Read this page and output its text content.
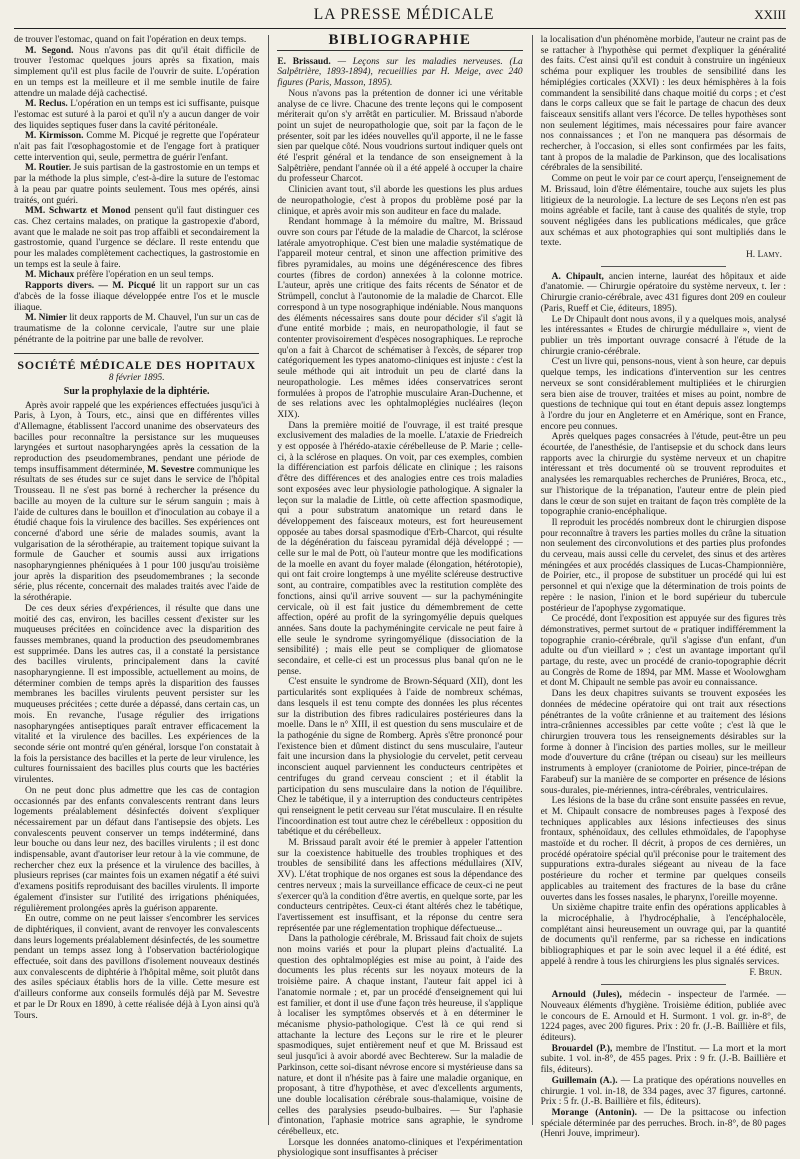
LA PRESSE MÉDICALE	XXIII

de trouver l'estomac, quand on fait l'opération en deux temps.

M. Segond. Nous n'avons pas dit qu'il était difficile de trouver l'estomac quelques jours après sa fixation, mais simplement qu'il est plus facile de l'ouvrir de suite. L'opération en un temps est la meilleure et il me semble inutile de faire attendre un malade déjà cachectisé.

M. Reclus. L'opération en un temps est ici suffisante, puisque l'estomac est suturé à la paroi et qu'il n'y a aucun danger de voir des liquides septiques fuser dans la cavité péritonéale.

M. Kirmisson. Comme M. Picqué je regrette que l'opérateur n'ait pas fait l'œsophagostomie et de l'engage fort à pratiquer cette intervention qui, seule, permettra de guérir l'enfant.

M. Routier. Je suis partisan de la gastrostomie en un temps et par la méthode la plus simple, c'est-à-dire la suture de l'estomac à la peau par quatre points seulement. Tous mes opérés, ainsi traités, ont guéri.

MM. Schwartz et Monod pensent qu'il faut distinguer ces cas. Chez certains malades, on pratique la gastropexie d'abord, avant que le malade ne soit pas trop affaibli et secondairement la gastrostomie, quand l'urgence se déclare. Il reste entendu que pour les malades complètement cachectiques, la gastrostomie en un temps est la seule à faire.

M. Michaux préfère l'opération en un seul temps.

Rapports divers. — M. Picqué lit un rapport sur un cas d'abcès de la fosse iliaque développée entre l'os et le muscle iliaque.

M. Nimier lit deux rapports de M. Chauvel, l'un sur un cas de traumatisme de la colonne cervicale, l'autre sur une plaie pénétrante de la poitrine par une balle de revolver.

SOCIÉTÉ MÉDICALE DES HOPITAUX
8 février 1895.
Sur la prophylaxie de la diphtérie.

Après avoir rappelé que les expériences effectuées jusqu'ici à Paris, à Lyon, à Tours, etc., ainsi que en différentes villes d'Allemagne, établissent l'accord unanime des observateurs des bacilles pour reconnaître la persistance sur les muqueuses laryngées et surtout nasopharyngées après la cessation de la reproduction des pseudomembranes, pendant une période de temps insuffisamment déterminée, M. Sevestre communique les résultats de ses études sur ce sujet dans le service de l'hôpital Trousseau. Il ne s'est pas borné à rechercher la présence du bacille au moyen de la culture sur le sérum sanguin ; mais à l'aide de cultures dans le bouillon et d'inoculation au cobaye il a étudié chaque fois la virulence des bacilles. Ses expériences ont concerné d'abord une série de malades soumis, avant la vulgarisation de la sérothérapie, au traitement topique suivant la formule de Gaucher et soumis aussi aux irrigations nasopharyngiennes phéniquées à 1 pour 100 jusqu'au troisième jour après la disparition des pseudomembranes ; la seconde série, plus récente, concernait des malades traités avec l'aide de la sérothérapie.

De ces deux séries d'expériences, il résulte que dans une moitié des cas, environ, les bacilles cessent d'exister sur les muqueuses précitées en coïncidence avec la disparition des fausses membranes, quand la production des pseudomembranes est supprimée. Dans les autres cas, il a constaté la persistance des bacilles virulents, principalement dans la cavité nasopharyngienne. Il est impossible, actuellement au moins, de déterminer combien de temps après la disparition des fausses membranes les bacilles virulents peuvent persister sur les muqueuses précitées ; cette durée a dépassé, dans certain cas, un mois. En revanche, l'usage régulier des irrigations nasopharyngées antiseptiques paraît entraver efficacement la vitalité et la virulence des bacilles. Les expériences de la seconde série ont montré qu'en général, lorsque l'on constatait à la fois la persistance des bacilles et la perte de leur virulence, les cultures fournissaient des bacilles plus courts que les bactéries virulentes.

On ne peut donc plus admettre que les cas de contagion occasionnés par des enfants convalescents rentrant dans leurs logements préalablement désinfectés doivent s'expliquer nécessairement par un défaut dans l'antisepsie des objets. Les convalescents peuvent conserver un temps indéterminé, dans leur bouche ou dans leur nez, des bacilles virulents ; il est donc indispensable, avant d'autoriser leur retour à la vie commune, de rechercher chez eux la présence et la virulence des bacilles, à plusieurs reprises (car maintes fois un examen négatif a été suivi d'examens positifs reproduisant des bacilles virulents. Il importe également d'insister sur l'utilité des irrigations phéniquées, régulièrement prolongées après la guérison apparente.

En outre, comme on ne peut laisser s'encombrer les services de diphtériques, il convient, avant de renvoyer les convalescents dans leurs logements préalablement désinfectés, de les soumettre pendant un temps assez long à l'observation bactériologique effectuée, soit dans des pavillons d'isolement nouveaux destinés aux convalescents de diphtérie à l'hôpital même, soit plutôt dans des asiles spéciaux établis hors de la ville. Cette mesure est d'ailleurs conforme aux conseils formulés déjà par M. Sevestre et par le Dr Roux en 1890, à cette réalisée déjà à Lyon ainsi qu'à Tours.

BIBLIOGRAPHIE

E. Brissaud. — Leçons sur les maladies nerveuses. (La Salpêtrière, 1893-1894), recueillies par H. Meige, avec 240 figures (Paris, Masson, 1895).

Nous n'avons pas la prétention de donner ici une véritable analyse de ce livre. Chacune des trente leçons qui le composent mériterait qu'on s'y arrêtât en particulier. M. Brissaud n'aborde point un sujet de neuropathologie que, soit par la façon de le présenter, soit par les idées nouvelles qu'il apporte, il ne le fasse sien par quelque côté. Nous voudrions surtout indiquer quels ont été l'esprit général et la tendance de son enseignement à la Salpêtrière, pendant l'année où il a été appelé à occuper la chaire du professeur Charcot.

Clinicien avant tout, s'il aborde les questions les plus ardues de neuropathologie, c'est à propos du problème posé par la clinique, et après avoir mis son auditeur en face du malade.

Rendant hommage à la mémoire du maître, M. Brissaud ouvre son cours par l'étude de la maladie de Charcot, la sclérose latérale amyotrophique. C'est bien une maladie systématique de l'appareil moteur central, et sinon une affection primitive des fibres pyramidales, au moins une dégénérescence des fibres courtes (fibres de cordon) annexées à la colonne motrice. L'auteur, après une critique des faits récents de Sénator et de Strümpell, conclut à l'autonomie de la maladie de Charcot. Elle correspond à un type nosographique indéniable. Nous manquons des éléments nécessaires sans doute pour décider s'il s'agit là d'une entité morbide ; mais, en neuropathologie, il faut se contenter provisoirement d'espèces nosographiques. Le reproche qu'on a fait à Charcot de schématiser à l'excès, de séparer trop catégoriquement les types anatomo-cliniques est injuste : c'est la seule méthode qui ait introduit un peu de clarté dans la neuropathologie. Les mêmes idées conservatrices seront formulées à propos de l'atrophie musculaire Aran-Duchenne, et de ses relations avec les ophtalmoplégies nucléaires (leçon XIX).

Dans la première moitié de l'ouvrage, il est traité presque exclusivement des maladies de la moelle. L'ataxie de Friedreich y est opposée à l'hérédo-ataxie cérébelleuse de P. Marie ; celle-ci, à la sclérose en plaques. On voit, par ces exemples, combien la différenciation est parfois délicate en clinique ; les raisons d'être des différences et des analogies entre ces trois maladies sont exposées avec leur physiologie pathologique. A signaler la leçon sur la maladie de Little, où cette affection spasmodique, qui a pour substratum anatomique un retard dans le développement des faisceaux moteurs, est fort heureusement opposée au tabes dorsal spasmodique d'Erb-Charcot, qui résulte de la dégénération du faisceau pyramidal déjà développé ; — celle sur le mal de Pott, où l'auteur montre que les modifications de la moelle en avant du foyer malade (élongation, hétérotopie), qui ont fait croire longtemps à une myélite scléreuse destructive sont, au contraire, compatibles avec la restitution complète des fonctions, ainsi qu'il arrive souvent — sur la pachyméningite cervicale, où il est fait justice du démembrement de cette affection, opéré au profit de la syringomyélie depuis quelques années. Sans doute la pachyméningite cervicale ne peut faire à elle seule le syndrome syringomyélique (dissociation de la sensibilité) ; mais elle peut se compliquer de gliomatose secondaire, et celle-ci est un processus plus banal qu'on ne le pense.

C'est ensuite le syndrome de Brown-Séquard (XII), dont les particularités sont expliquées à l'aide de nombreux schémas, dans lesquels il est tenu compte des données les plus récentes sur la distribution des fibres radiculaires postérieures dans la moelle. Dans le n° XIII, il est question du sens musculaire et de la pathogénie du signe de Romberg. Après s'être prononcé pour l'existence bien et dûment distinct du sens musculaire, l'auteur fait une incursion dans la physiologie du cervelet, petit cerveau inconscient auquel parviennent les conducteurs centripètes et centrifuges du grand cerveau conscient ; et il établit la participation du sens musculaire dans la notion de l'équilibre. Chez le tabétique, il y a interruption des conducteurs centripètes qui renseignent le petit cerveau sur l'état musculaire. Il en résulte l'incoordination est tout autre chez le cérébelleux : opposition du tabétique et du cérébelleux.

M. Brissaud paraît avoir été le premier à appeler l'attention sur la coexistence habituelle des troubles trophiques et des troubles de sensibilité dans les affections médullaires (XIV, XV). L'état trophique de nos organes est sous la dépendance des centres nerveux ; mais la surveillance efficace de ceux-ci ne peut s'exercer qu'à la condition d'être avertis, en quelque sorte, par les conducteurs centripètes. Ceux-ci étant altérés chez le tabétique, l'avertissement est insuffisant, et la réponse du centre sera représentée par une réglementation trophique défectueuse...

Dans la pathologie cérébrale, M. Brissaud fait choix de sujets non moins variés et pour la plupart pleins d'actualité. La question des ophtalmoplégies est mise au point, à l'aide des documents les plus récents sur les noyaux moteurs de la troisième paire. A chaque instant, l'auteur fait appel ici à l'anatomie normale ; et, par un procédé d'enseignement qui lui est familier, et dont il use d'une façon très heureuse, il s'applique à localiser les symptômes observés et à en déterminer le mécanisme physio-pathologique. C'est là ce qui rend si attachante la lecture des Leçons sur le rire et le pleurer spasmodiques, sujet entièrement neuf et que M. Brissaud est seul jusqu'ici à avoir abordé avec Bechterew. Sur la maladie de Parkinson, cette soi-disant névrose encore si mystérieuse dans sa nature, et dont il n'hésite pas à faire une maladie organique, en proposant, à titre d'hypothèse, et avec d'excellents arguments, une double localisation cérébrale sous-thalamique, voisine de celles des paralysies pseudo-bulbaires. — Sur l'aphasie d'intonation, l'aphasie motrice sans agraphie, le syndrome cérébelleux, etc.

Lorsque les données anatomo-cliniques et l'expérimentation physiologique sont insuffisantes à préciser

la localisation d'un phénomène morbide, l'auteur ne craint pas de se rattacher à l'hypothèse qui permet d'expliquer la généralité des faits. C'est ainsi qu'il est conduit à construire un ingénieux schéma pour expliquer les troubles de sensibilité dans les hémiplégies corticales (XXVI) : les deux hémisphères à la fois commandent la sensibilité dans chaque moitié du corps ; et c'est dans le corps calleux que se fait le partage de chacun des deux faisceaux sensitifs allant vers l'écorce. De telles hypothèses sont non seulement légitimes, mais nécessaires pour faire avancer nos connaissances ; et l'on ne manquera pas désormais de rechercher, à l'occasion, si elles sont confirmées par les faits, tant à propos de la maladie de Parkinson, que des localisations cérébrales de la sensibilité.

Comme on peut le voir par ce court aperçu, l'enseignement de M. Brissaud, loin d'être élémentaire, touche aux sujets les plus litigieux de la neurologie. La lecture de ses Leçons n'en est pas moins agréable et facile, tant à cause des qualités de style, trop souvent négligées dans les publications médicales, que grâce aux schémas et aux photographies qui sont multipliés dans le texte.

H. Lamy.

A. Chipault, ancien interne, lauréat des hôpitaux et aide d'anatomie. — Chirurgie opératoire du système nerveux, t. Ier : Chirurgie cranio-cérébrale, avec 431 figures dont 209 en couleur (Paris, Rueff et Cie, éditeurs, 1895).

Le Dr Chipault dont nous avons, il y a quelques mois, analysé les intéressantes « Etudes de chirurgie médullaire », vient de publier un très important ouvrage consacré à l'étude de la chirurgie cranio-cérébrale.

C'est un livre qui, pensons-nous, vient à son heure, car depuis quelque temps, les indications d'intervention sur les centres nerveux se sont considérablement multipliées et le chirurgien sera bien aise de trouver, traitées et mises au point, nombre de questions de technique qui tout en étant depuis assez longtemps à l'ordre du jour en Angleterre et en Amérique, sont en France, encore peu connues.

Après quelques pages consacrées à l'étude, peut-être un peu écourtée, de l'anesthésie, de l'antisepsie et du schock dans leurs rapports avec la chirurgie du système nerveux et un chapitre intéressant et très documenté où se trouvent reproduites et analysées les remarquables recherches de Pruniéres, Broca, etc., sur l'historique de la trépanation, l'auteur entre de plein pied dans le cœur de son sujet en traitant de façon très complète de la topographie cranio-encéphalique.

Il reproduit les procédés nombreux dont le chirurgien dispose pour reconnaître à travers les parties molles du crâne la situation non seulement des circonvolutions et des parties plus profondes du cerveau, mais aussi celle du cervelet, des sinus et des artères méningées et aux procédés classiques de Lucas-Championnière, de Poirier, etc., il propose de substituer un procédé qui lui est personnel et qui n'exige que la détermination de trois points de repère : le nasion, l'inion et le bord supérieur du tubercule postérieur de l'apophyse zygomatique.

Ce procédé, dont l'exposition est appuyée sur des figures très démonstratives, permet surtout de « pratiquer indifféremment la topographie cranio-cérébrale, qu'il s'agisse d'un enfant, d'un adulte ou d'un vieillard » ; c'est un avantage important qu'il partage, du reste, avec un procédé de cranio-topographie décrit au Congrès de Rome de 1894, par MM. Masse et Woolowgham et dont M. Chipault ne semble pas avoir eu connaissance.

Dans les deux chapitres suivants se trouvent exposées les données de médecine opératoire qui ont trait aux résections pénétrantes de la voûte crânienne et au traitement des lésions intra-crâniennes accessibles par cette voûte ; c'est là que le chirurgien trouvera tous les renseignements désirables sur la forme à donner à l'incision des parties molles, sur le meilleur mode d'ouverture du crâne (trépan ou ciseau) sur les meilleurs instruments à employer (craniotome de Poirier, pince-trépan de Farabeuf) sur la manière de se comporter en présence de lésions sous-durales, pie-mériennes, intra-cérébrales, ventriculaires.

Les lésions de la base du crâne sont ensuite passées en revue, et M. Chipault consacre de nombreuses pages à l'exposé des techniques applicables aux lésions infectieuses des sinus frontaux, sphénoïdaux, des cellules ethmoïdales, de l'apophyse mastoïde et du rocher. Il décrit, à propos de ces dernières, un procédé opératoire spécial qu'il préconise pour le traitement des suppurations extra-durales siégeant au niveau de la face postérieure du rocher et termine par quelques conseils applicables au traitement des fractures de la base du crâne ouvertes dans les fosses nasales, le pharynx, l'oreille moyenne.

Un sixième chapitre traite enfin des opérations applicables à la microcéphalie, à l'hydrocéphalie, à l'encéphalocèle, complétant ainsi heureusement un ouvrage qui, par la quantité de documents qu'il renferme, par sa richesse en indications bibliographiques et par le soin avec lequel il a été édité, est appelé à rendre à tous les chirurgiens les plus signalés services.

F. Brun.

Arnould (Jules), médecin - inspecteur de l'armée. — Nouveaux éléments d'hygiène. Troisième édition, publiée avec le concours de E. Arnould et H. Surmont. 1 vol. gr. in-8°, de 1224 pages, avec 200 figures. Prix : 20 fr. (J.-B. Baillière et fils, éditeurs).

Brouardel (P.), membre de l'Institut. — La mort et la mort subite. 1 vol. in-8°, de 455 pages. Prix : 9 fr. (J.-B. Baillière et fils, éditeurs).

Guillemain (A.). — La pratique des opérations nouvelles en chirurgie. 1 vol. in-18, de 334 pages, avec 37 figures, cartonné. Prix : 5 fr. (J.-B. Baillière et fils, éditeurs).

Morange (Antonin). — De la psittacose ou infection spéciale déterminée par des perruches. Broch. in-8°, de 80 pages (Henri Jouve, imprimeur).
